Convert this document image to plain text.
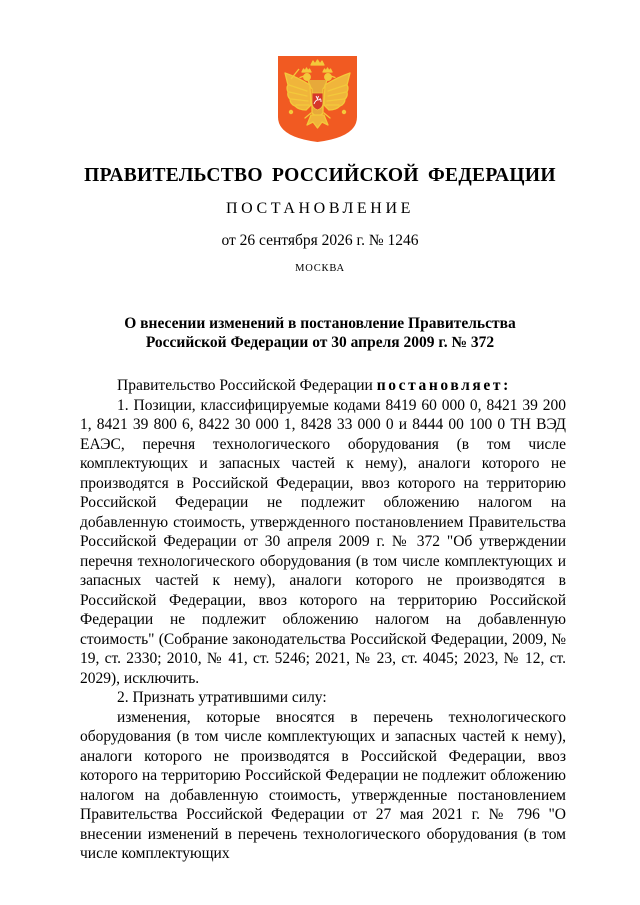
ПРАВИТЕЛЬСТВО РОССИЙСКОЙ ФЕДЕРАЦИИ
ПОСТАНОВЛЕНИЕ
от 26 сентября 2026 г. № 1246
МОСКВА
О внесении изменений в постановление Правительства
Российской Федерации от 30 апреля 2009 г. № 372

Правительство Российской Федерации постановляет:

1. Позиции, классифицируемые кодами 8419 60 000 0, 8421 39 200 1, 8421 39 800 6, 8422 30 000 1, 8428 33 000 0 и 8444 00 100 0 ТН ВЭД ЕАЭС, перечня технологического оборудования (в том числе комплектующих и запасных частей к нему), аналоги которого не производятся в Российской Федерации, ввоз которого на территорию Российской Федерации не подлежит обложению налогом на добавленную стоимость, утвержденного постановлением Правительства Российской Федерации от 30 апреля 2009 г. № 372 "Об утверждении перечня технологического оборудования (в том числе комплектующих и запасных частей к нему), аналоги которого не производятся в Российской Федерации, ввоз которого на территорию Российской Федерации не подлежит обложению налогом на добавленную стоимость" (Собрание законодательства Российской Федерации, 2009, № 19, ст. 2330; 2010, № 41, ст. 5246; 2021, № 23, ст. 4045; 2023, № 12, ст. 2029), исключить.

2. Признать утратившими силу:

изменения, которые вносятся в перечень технологического оборудования (в том числе комплектующих и запасных частей к нему), аналоги которого не производятся в Российской Федерации, ввоз которого на территорию Российской Федерации не подлежит обложению налогом на добавленную стоимость, утвержденные постановлением Правительства Российской Федерации от 27 мая 2021 г. № 796 "О внесении изменений в перечень технологического оборудования (в том числе комплектующих
